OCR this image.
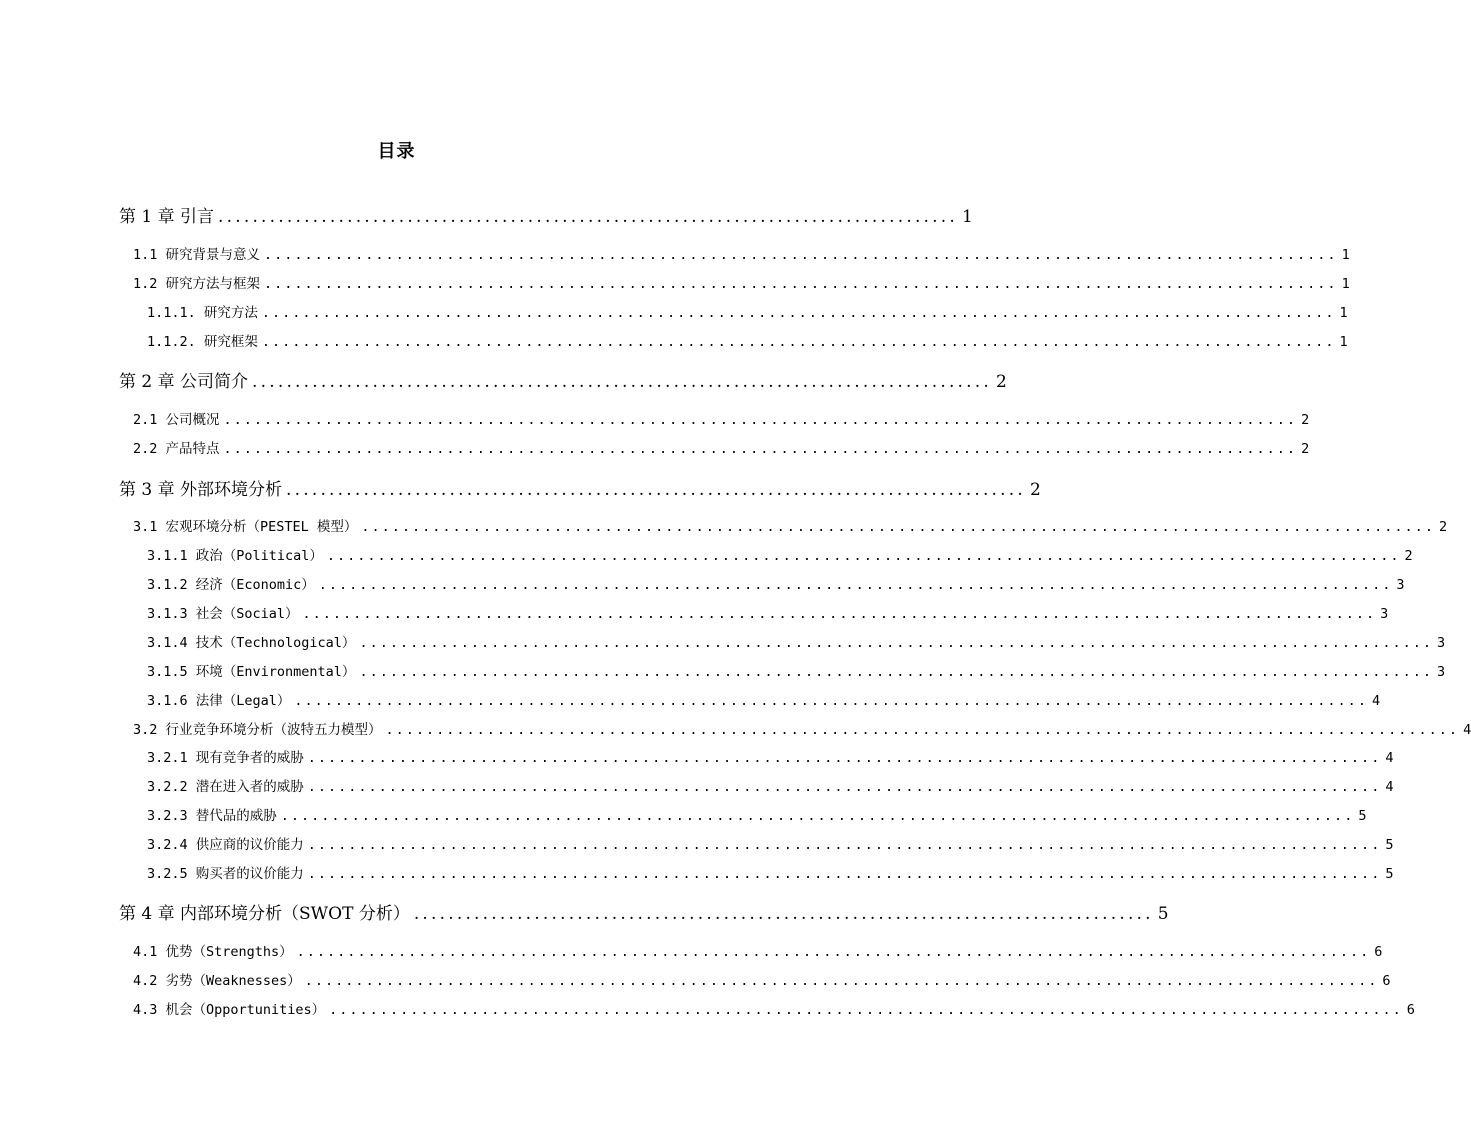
目录
第 1 章 引言 ...................................................................................... 1
1.1 研究背景与意义 .......................................................................................................... 1
1.2 研究方法与框架 .......................................................................................................... 1
1.1.1. 研究方法 .......................................................................................................... 1
1.1.2. 研究框架 .......................................................................................................... 1
第 2 章 公司简介 ...................................................................................... 2
2.1 公司概况 .......................................................................................................... 2
2.2 产品特点 .......................................................................................................... 2
第 3 章 外部环境分析 ...................................................................................... 2
3.1 宏观环境分析（PESTEL 模型） .......................................................................................................... 2
3.1.1 政治（Political） .......................................................................................................... 2
3.1.2 经济（Economic） .......................................................................................................... 3
3.1.3 社会（Social） .......................................................................................................... 3
3.1.4 技术（Technological） .......................................................................................................... 3
3.1.5 环境（Environmental） .......................................................................................................... 3
3.1.6 法律（Legal） .......................................................................................................... 4
3.2 行业竞争环境分析（波特五力模型） .......................................................................................................... 4
3.2.1 现有竞争者的威胁 .......................................................................................................... 4
3.2.2 潜在进入者的威胁 .......................................................................................................... 4
3.2.3 替代品的威胁 .......................................................................................................... 5
3.2.4 供应商的议价能力 .......................................................................................................... 5
3.2.5 购买者的议价能力 .......................................................................................................... 5
第 4 章 内部环境分析（SWOT 分析） ...................................................................................... 5
4.1 优势（Strengths） .......................................................................................................... 6
4.2 劣势（Weaknesses） .......................................................................................................... 6
4.3 机会（Opportunities） .......................................................................................................... 6
